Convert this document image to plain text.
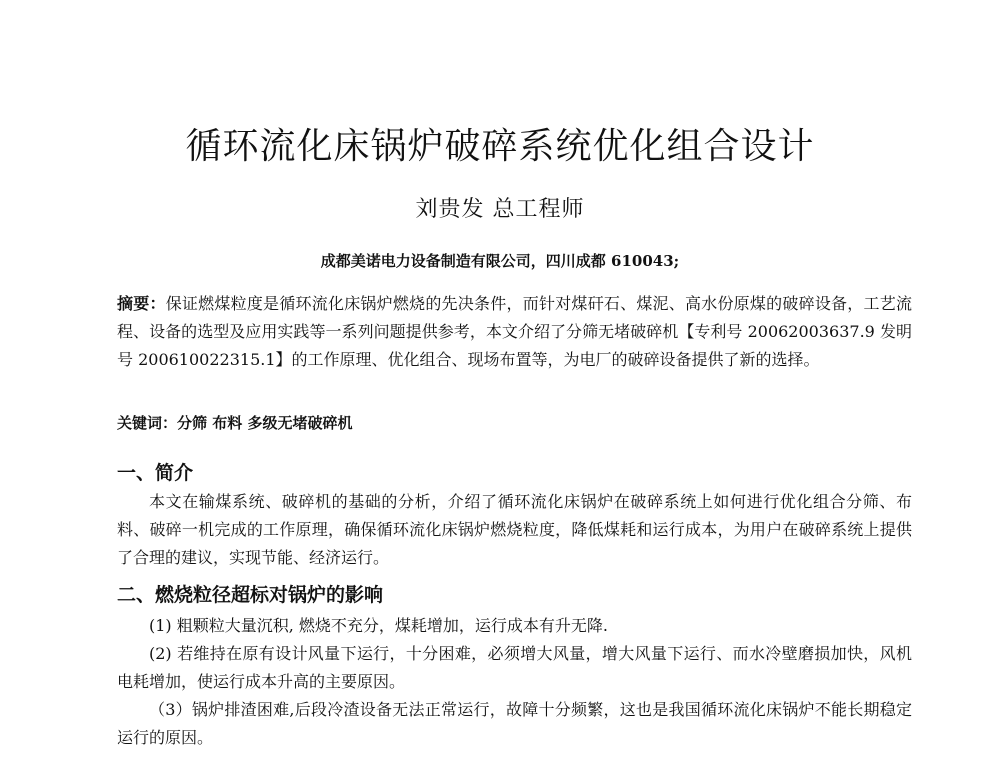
循环流化床锅炉破碎系统优化组合设计
刘贵发 总工程师
成都美诺电力设备制造有限公司，四川成都 610043;
摘要：保证燃煤粒度是循环流化床锅炉燃烧的先决条件，而针对煤矸石、煤泥、高水份原煤的破碎设备，工艺流程、设备的选型及应用实践等一系列问题提供参考，本文介绍了分筛无堵破碎机【专利号 20062003637.9 发明号 200610022315.1】的工作原理、优化组合、现场布置等，为电厂的破碎设备提供了新的选择。
关键词：分筛 布料 多级无堵破碎机
一、简介
本文在输煤系统、破碎机的基础的分析，介绍了循环流化床锅炉在破碎系统上如何进行优化组合分筛、布料、破碎一机完成的工作原理，确保循环流化床锅炉燃烧粒度，降低煤耗和运行成本，为用户在破碎系统上提供了合理的建议，实现节能、经济运行。
二、燃烧粒径超标对锅炉的影响
(1) 粗颗粒大量沉积, 燃烧不充分，煤耗增加，运行成本有升无降.
(2) 若维持在原有设计风量下运行，十分困难，必须增大风量，增大风量下运行、而水冷壁磨损加快，风机电耗增加，使运行成本升高的主要原因。
（3）锅炉排渣困难,后段冷渣设备无法正常运行，故障十分频繁，这也是我国循环流化床锅炉不能长期稳定运行的原因。
